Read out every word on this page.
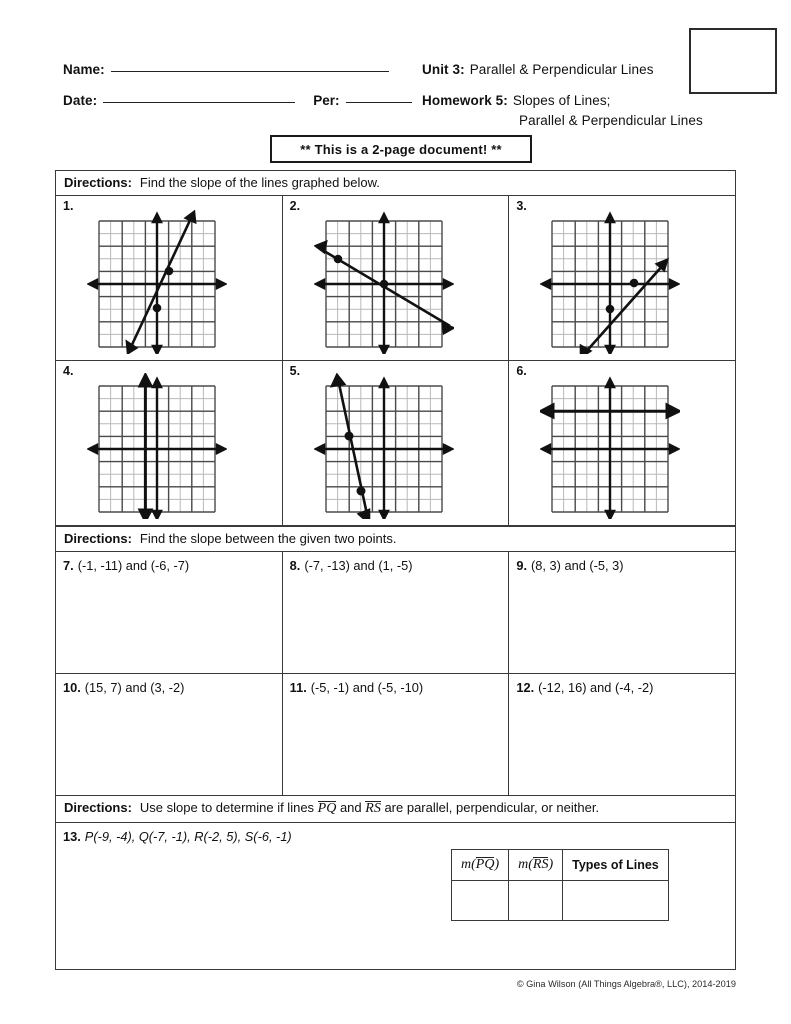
Name:
Date:	Per:
Unit 3: Parallel & Perpendicular Lines
Homework 5: Slopes of Lines;
Parallel & Perpendicular Lines
** This is a 2-page document! **
Directions: Find the slope of the lines graphed below.
1.	2.	3.
4.	5.	6.
Directions: Find the slope between the given two points.
7. (-1, -11) and (-6, -7)	8. (-7, -13) and (1, -5)	9. (8, 3) and (-5, 3)
10. (15, 7) and (3, -2)	11. (-5, -1) and (-5, -10)	12. (-12, 16) and (-4, -2)
Directions: Use slope to determine if lines PQ and RS are parallel, perpendicular, or neither.
13. P(-9, -4), Q(-7, -1), R(-2, 5), S(-6, -1)
m(PQ)	m(RS)	Types of Lines

© Gina Wilson (All Things Algebra®, LLC), 2014-2019
